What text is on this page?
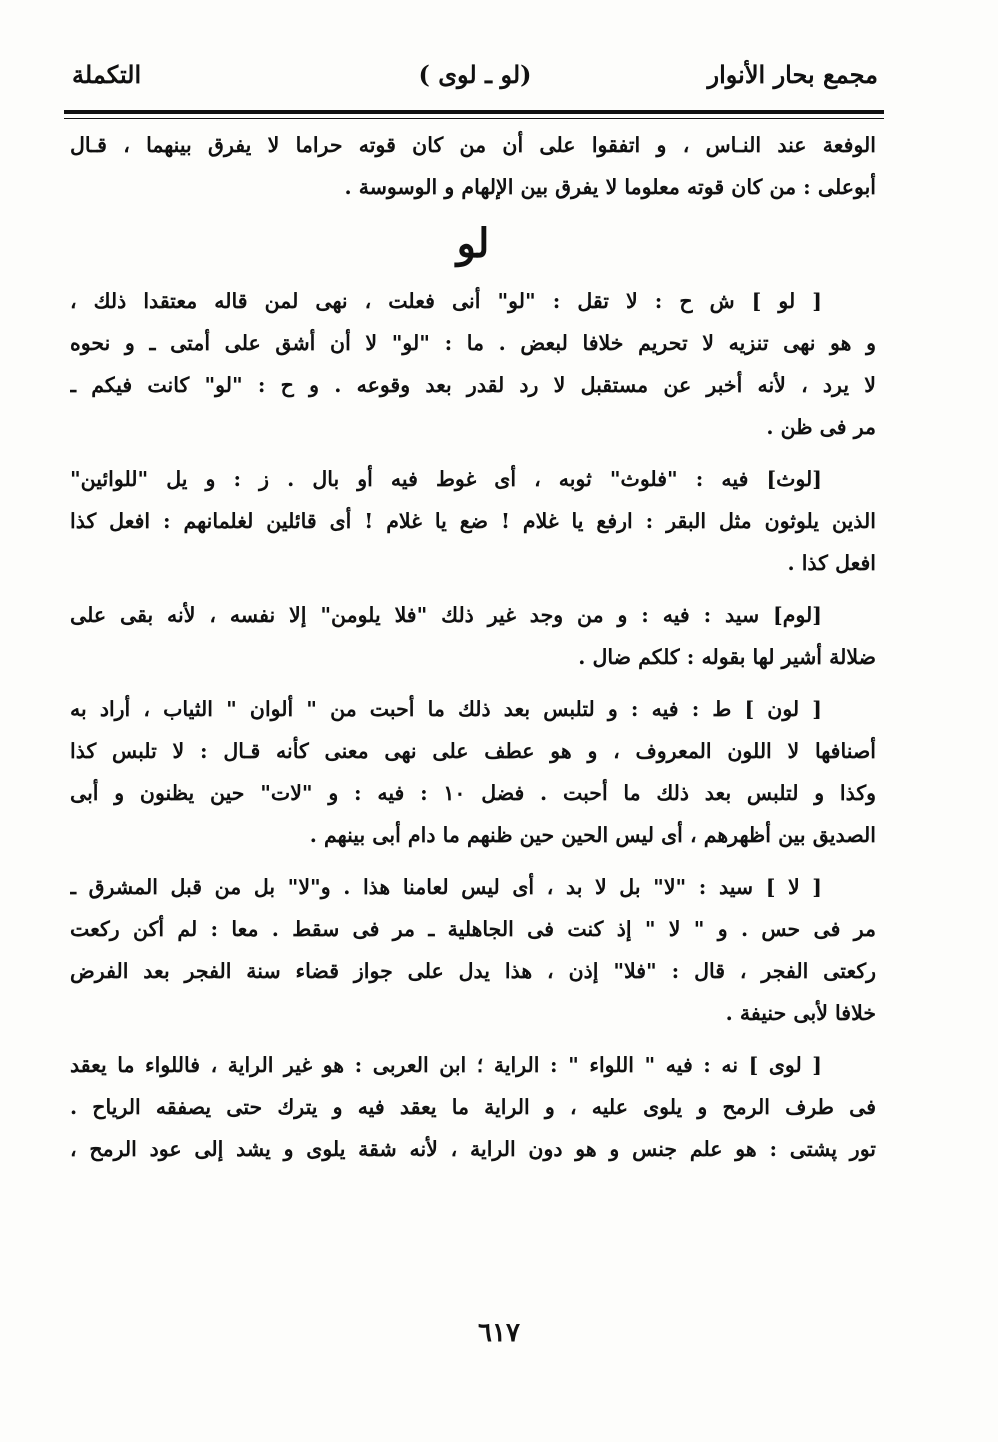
مجمع بحار الأنوار
(لو ـ لوى )
التكملة
الوفعة عند النـاس ، و اتفقوا على أن من كان قوته حراما لا يفرق بينهما ، قـال
أبوعلى : من كان قوته معلوما لا يفرق بين الإلهام و الوسوسة .
لو
[ لو ] ش ح : لا تقل : "لو" أنى فعلت ، نهى لمن قاله معتقدا ذلك ،
و هو نهى تنزيه لا تحريم خلافا لبعض . ما : "لو" لا أن أشق على أمتى ـ و نحوه
لا يرد ، لأنه أخبر عن مستقبل لا رد لقدر بعد وقوعه . و ح : "لو" كانت فيكم ـ
مر فى ظن .
[لوث] فيه : "فلوث" ثوبه ، أى غوط فيه أو بال . ز : و يل "للوائين"
الذين يلوثون مثل البقر : ارفع يا غلام ! ضع يا غلام ! أى قائلين لغلمانهم : افعل كذا
افعل كذا .
[لوم] سيد : فيه : و من وجد غير ذلك "فلا يلومن" إلا نفسه ، لأنه بقى على
ضلالة أشير لها بقوله : كلكم ضال .
[ لون ] ط : فيه : و لتلبس بعد ذلك ما أحبت من " ألوان " الثياب ، أراد به
أصنافها لا اللون المعروف ، و هو عطف على نهى معنى كأنه قـال : لا تلبس كذا
وكذا و لتلبس بعد ذلك ما أحبت . فضل ١٠ : فيه : و "لات" حين يظنون و أبى
الصديق بين أظهرهم ، أى ليس الحين حين ظنهم ما دام أبى بينهم .
[ لا ] سيد : "لا" بل لا بد ، أى ليس لعامنا هذا . و"لا" بل من قبل المشرق ـ
مر فى حس . و " لا " إذ كنت فى الجاهلية ـ مر فى سقط . معا : لم أكن ركعت
ركعتى الفجر ، قال : "فلا" إذن ، هذا يدل على جواز قضاء سنة الفجر بعد الفرض
خلافا لأبى حنيفة .
[ لوى ] نه : فيه " اللواء " : الراية ؛ ابن العربى : هو غير الراية ، فاللواء ما يعقد
فى طرف الرمح و يلوى عليه ، و الراية ما يعقد فيه و يترك حتى يصفقه الرياح .
تور پشتى : هو علم جنس و هو دون الراية ، لأنه شقة يلوى و يشد إلى عود الرمح ،
٦١٧
